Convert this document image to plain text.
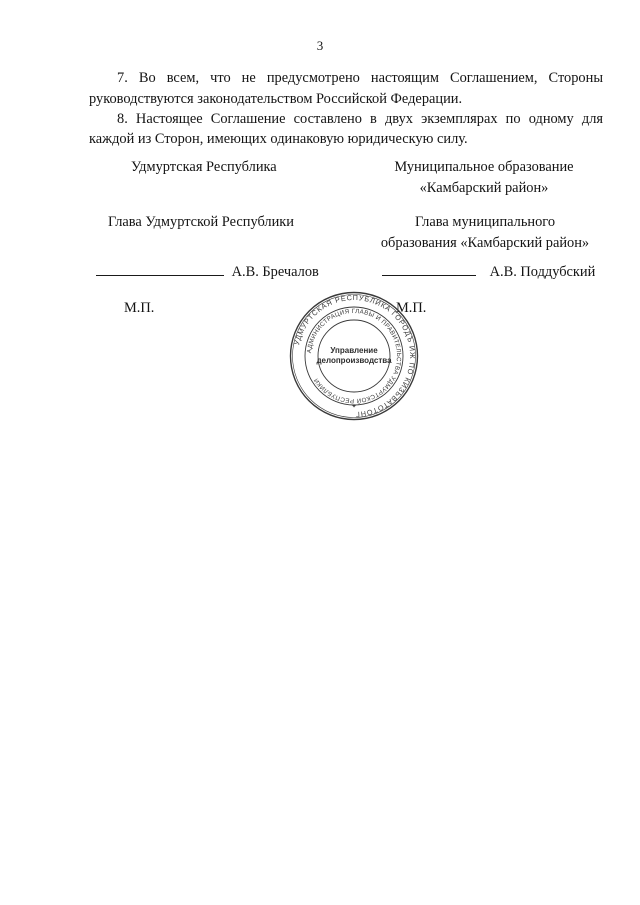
3
7. Во всем, что не предусмотрено настоящим Соглашением, Стороны
руководствуются законодательством Российской Федерации.
8. Настоящее Соглашение составлено в двух экземплярах по одному для
каждой из Сторон, имеющих одинаковую юридическую силу.
Удмуртская Республика
Глава Удмуртской Республики
А.В. Бречалов
М.П.
Муниципальное образование
«Камбарский район»
Глава муниципального
образования «Камбарский район»
А.В. Поддубский
М.П.
УДМУРТСКАЯ РЕСПУБЛИКА ГОРОДЪ ИЖ ПО КИЗЬВАТОТОНГ
АДМИНИСТРАЦИЯ ГЛАВЫ И ПРАВИТЕЛЬСТВА УДМУРТСКОЙ РЕСПУБЛИКИ
Управление
делопроизводства
✦
